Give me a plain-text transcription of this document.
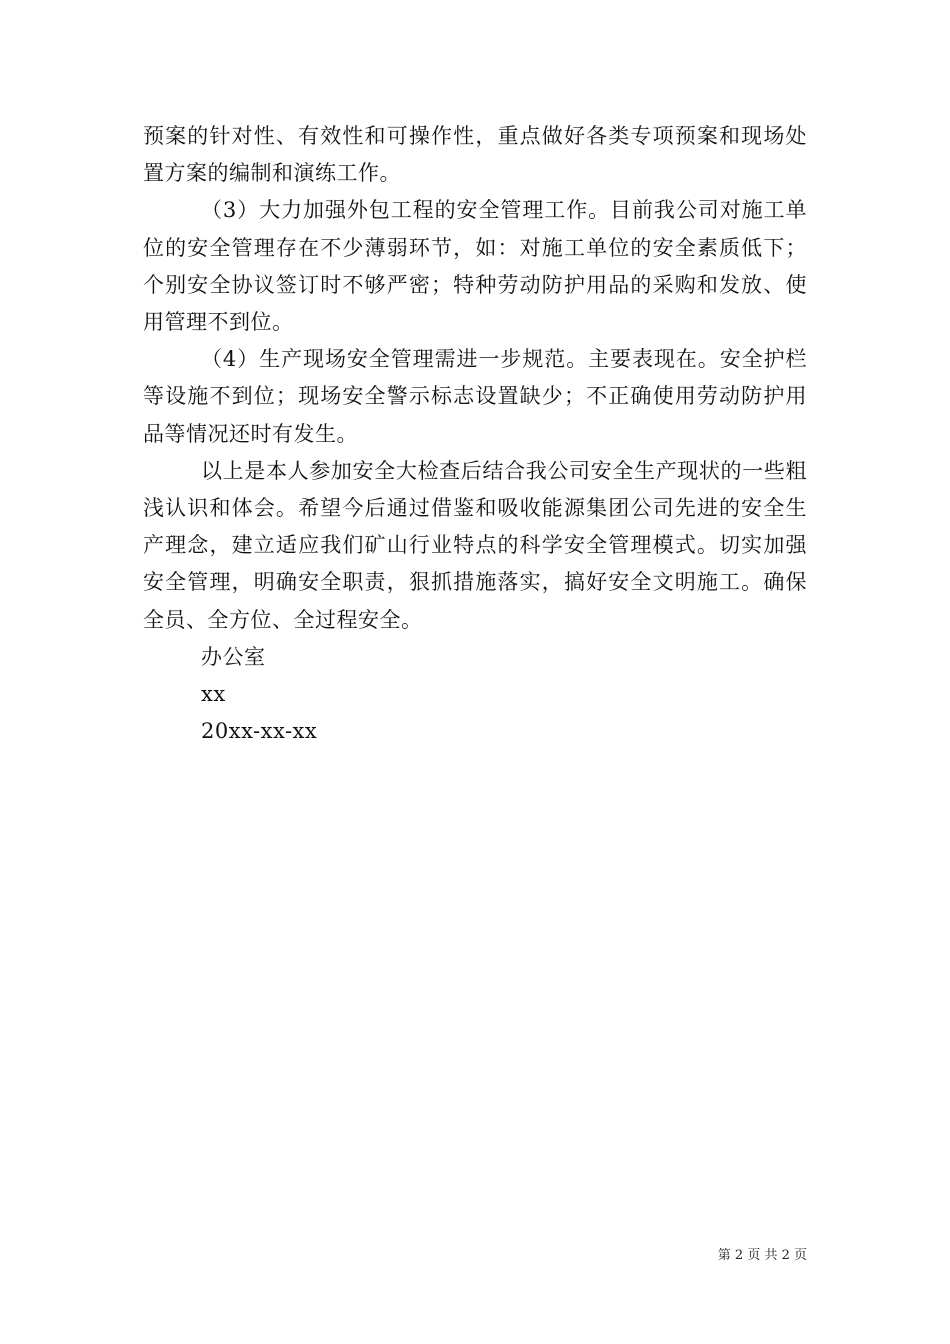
预案的针对性、有效性和可操作性，重点做好各类专项预案和现场处置方案的编制和演练工作。

（3）大力加强外包工程的安全管理工作。目前我公司对施工单位的安全管理存在不少薄弱环节，如：对施工单位的安全素质低下；个别安全协议签订时不够严密；特种劳动防护用品的采购和发放、使用管理不到位。

（4）生产现场安全管理需进一步规范。主要表现在。安全护栏等设施不到位；现场安全警示标志设置缺少；不正确使用劳动防护用品等情况还时有发生。

以上是本人参加安全大检查后结合我公司安全生产现状的一些粗浅认识和体会。希望今后通过借鉴和吸收能源集团公司先进的安全生产理念，建立适应我们矿山行业特点的科学安全管理模式。切实加强安全管理，明确安全职责，狠抓措施落实，搞好安全文明施工。确保全员、全方位、全过程安全。

办公室

xx

20xx-xx-xx

第 2 页 共 2 页
